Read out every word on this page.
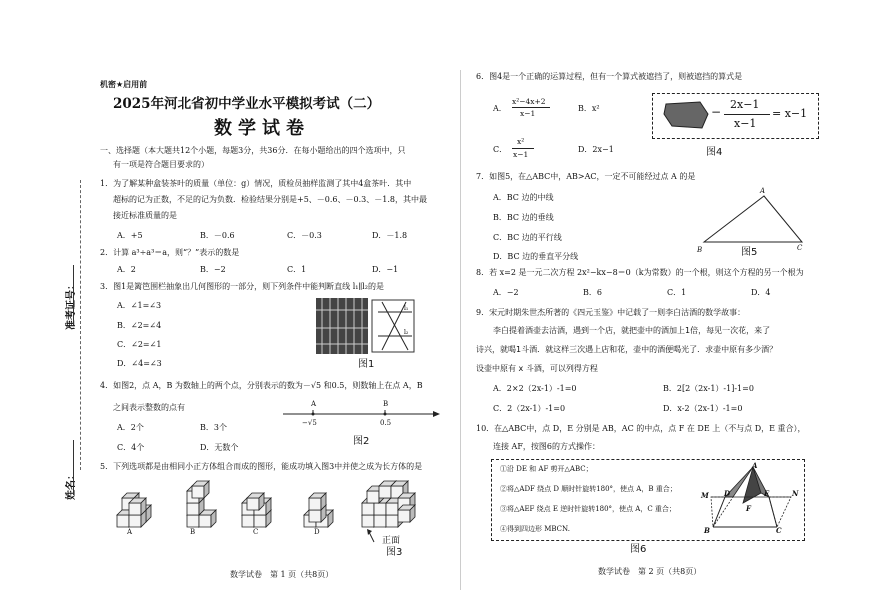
准考证号：
姓名：
机密★启用前
2025年河北省初中学业水平模拟考试（二）
数学试卷
一、选择题（本大题共12个小题，每题3分，共36分．在每小题给出的四个选项中，只
有一项是符合题目要求的）
1．为了解某种盒装茶叶的质量（单位：g）情况，质检员抽样监测了其中4盒茶叶．其中
超标的记为正数，不足的记为负数．检验结果分别是+5、－0.6、－0.3、－1.8，其中最
接近标准质量的是
A．+5	B．－0.6	C．－0.3	D．－1.8
2．计算 a³÷a³＝a，则“？”表示的数是
A．2	B．−2	C．1	D．−1
3．图1是篱笆围栏抽象出几何图形的一部分，则下列条件中能判断直线 l₁∥l₂的是
A．∠1=∠3
B．∠2=∠4
C．∠2=∠1
D．∠4=∠3
l₁
l₂
图1
4．如图2，点 A，B 为数轴上的两个点，分别表示的数为－√5 和0.5，则数轴上在点 A，B
之间表示整数的点有
A．2个	B．3个
C．4个	D．无数个
A	B
−√5	0.5
图2
5．下列选项都是由相同小正方体组合而成的图形，能成功填入图3中并使之成为长方体的是
A	B	C	D
正面
图3
数学试卷　第 1 页（共8页）
6．图4是一个正确的运算过程，但有一个算式被遮挡了，则被遮挡的算式是
A．
x²−4x+2
x−1
B．x²
C．
x²
x−1
D．2x−1
−
2x−1
x−1
= x−1
图4
7．如图5，在△ABC中，AB>AC，一定不可能经过点 A 的是
A．BC 边的中线
B．BC 边的垂线
C．BC 边的平行线
D．BC 边的垂直平分线
A
B	C
图5
8．若 x=2 是一元二次方程 2x²−kx−8＝0（k为常数）的一个根，则这个方程的另一个根为
A．−2	B．6	C．1	D．4
9．宋元时期朱世杰所著的《四元玉鉴》中记载了一则李白沽酒的数学故事：
李白提着酒壶去沽酒，遇到一个店，就把壶中的酒加上1倍，每见一次花，来了
诗兴，就喝1斗酒．就这样三次遇上店和花，壶中的酒便喝光了．求壶中原有多少酒？
设壶中原有 x 斗酒，可以列得方程
A．2×2（2x-1）-1=0	B．2[2（2x-1）-1]-1=0
C．2（2x-1）-1=0	D．x-2（2x-1）-1=0
10．在△ABC中，点 D，E 分别是 AB，AC 的中点，点 F 在 DE 上（不与点 D，E 重合），
连接 AF，按图6的方式操作：
①沿 DE 和 AF 剪开△ABC；
②将△ADF 绕点 D 顺时针旋转180°，使点 A，B 重合；
③将△AEF 绕点 E 逆时针旋转180°，使点 A，C 重合；
④得到四边形 MBCN.
M D
A
E	N
F
B	C
图6
数学试卷　第 2 页（共8页）
